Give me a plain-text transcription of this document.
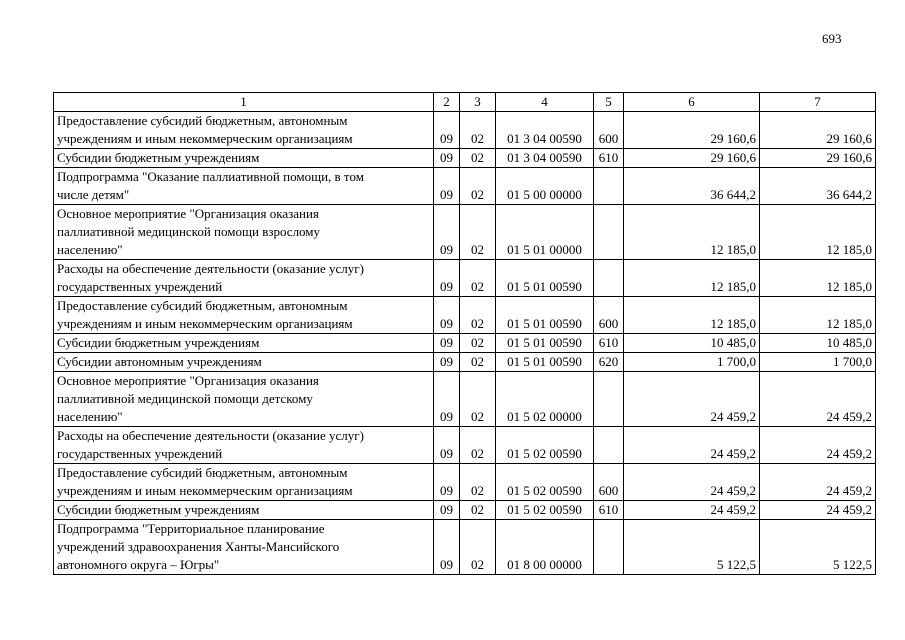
693
1	2	3	4	5	6	7

Предоставление субсидий бюджетным, автономным
учреждениям и иным некоммерческим организациям	09	02	01 3 04 00590	600	29 160,6	29 160,6

Субсидии бюджетным учреждениям	09	02	01 3 04 00590	610	29 160,6	29 160,6

Подпрограмма "Оказание паллиативной помощи, в том
числе детям"	09	02	01 5 00 00000		36 644,2	36 644,2

Основное мероприятие "Организация оказания
паллиативной медицинской помощи взрослому
населению"	09	02	01 5 01 00000		12 185,0	12 185,0

Расходы на обеспечение деятельности (оказание услуг)
государственных учреждений	09	02	01 5 01 00590		12 185,0	12 185,0

Предоставление субсидий бюджетным, автономным
учреждениям и иным некоммерческим организациям	09	02	01 5 01 00590	600	12 185,0	12 185,0

Субсидии бюджетным учреждениям	09	02	01 5 01 00590	610	10 485,0	10 485,0

Субсидии автономным учреждениям	09	02	01 5 01 00590	620	1 700,0	1 700,0

Основное мероприятие "Организация оказания
паллиативной медицинской помощи детскому
населению"	09	02	01 5 02 00000		24 459,2	24 459,2

Расходы на обеспечение деятельности (оказание услуг)
государственных учреждений	09	02	01 5 02 00590		24 459,2	24 459,2

Предоставление субсидий бюджетным, автономным
учреждениям и иным некоммерческим организациям	09	02	01 5 02 00590	600	24 459,2	24 459,2

Субсидии бюджетным учреждениям	09	02	01 5 02 00590	610	24 459,2	24 459,2

Подпрограмма "Территориальное планирование
учреждений здравоохранения Ханты-Мансийского
автономного округа – Югры"	09	02	01 8 00 00000		5 122,5	5 122,5
